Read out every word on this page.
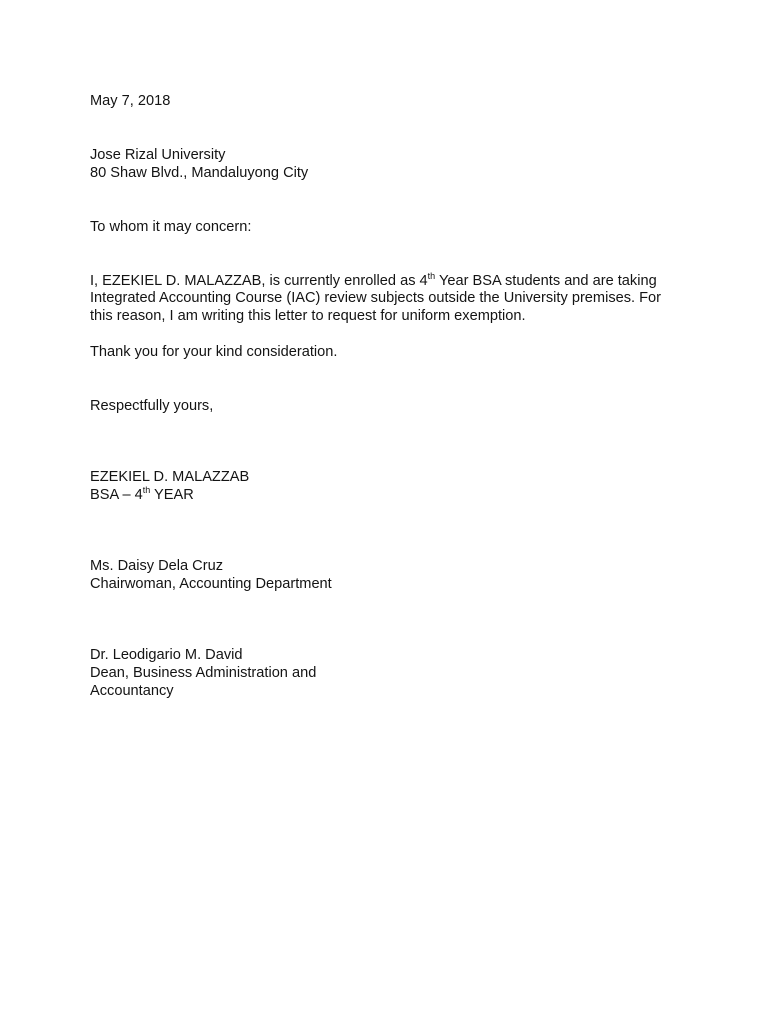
May 7, 2018
Jose Rizal University
80 Shaw Blvd., Mandaluyong City
To whom it may concern:
I, EZEKIEL D. MALAZZAB, is currently enrolled as 4th Year BSA students and are taking
Integrated Accounting Course (IAC) review subjects outside the University premises. For
this reason, I am writing this letter to request for uniform exemption.
Thank you for your kind consideration.
Respectfully yours,
EZEKIEL D. MALAZZAB
BSA – 4th YEAR
Ms. Daisy Dela Cruz
Chairwoman, Accounting Department
Dr. Leodigario M. David
Dean, Business Administration and
Accountancy
